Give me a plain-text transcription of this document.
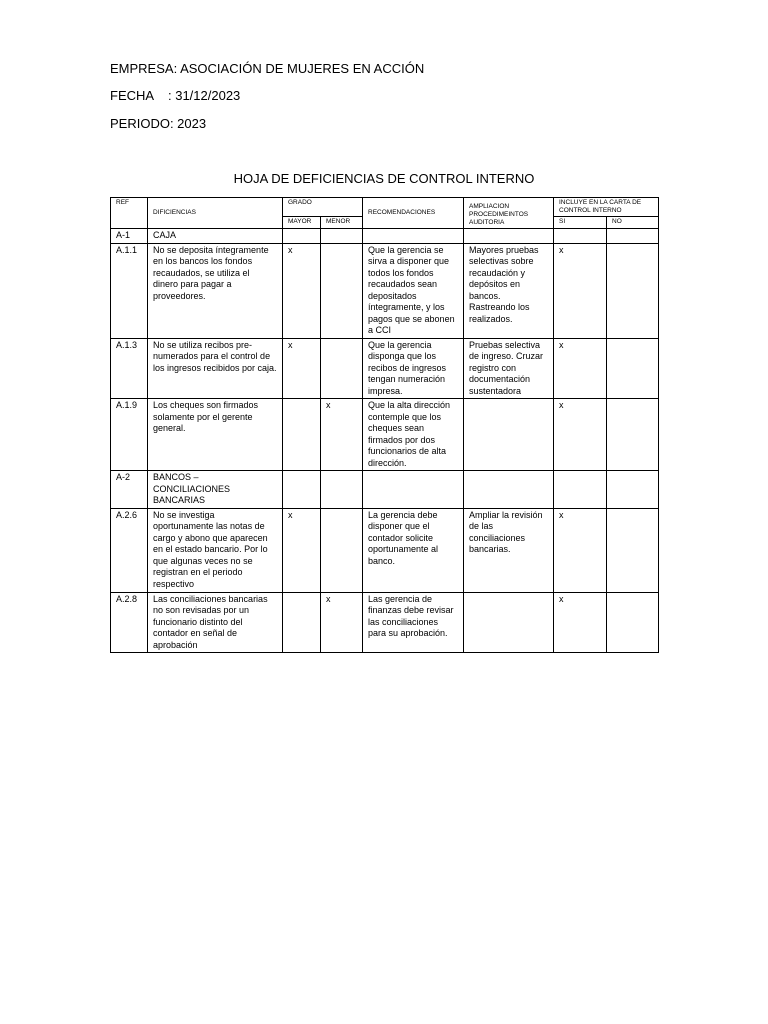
EMPRESA: ASOCIACIÓN DE MUJERES EN ACCIÓN
FECHA : 31/12/2023
PERIODO: 2023
HOJA DE DEFICIENCIAS DE CONTROL INTERNO
REF	DIFICIENCIAS	GRADO		RECOMENDACIONES	AMPLIACION PROCEDIMEINTOS AUDITORIA	INCLUYE EN LA CARTA DE CONTROL INTERNO	
		MAYOR	MENOR			SI	NO
A-1	CAJA						
A.1.1	No se deposita íntegramente en los bancos los fondos recaudados, se utiliza el dinero para pagar a proveedores.	x		Que la gerencia se sirva a disponer que todos los fondos recaudados sean depositados íntegramente, y los pagos que se abonen a CCI	Mayores pruebas selectivas sobre recaudación y depósitos en bancos. Rastreando los realizados.	x	
A.1.3	No se utiliza recibos pre-numerados para el control de los ingresos recibidos por caja.	x		Que la gerencia disponga que los recibos de ingresos tengan numeración impresa.	Pruebas selectiva de ingreso. Cruzar registro con documentación sustentadora	x	
A.1.9	Los cheques son firmados solamente por el gerente general.		x	Que la alta dirección contemple que los cheques sean firmados por dos funcionarios de alta dirección.		x	
A-2	BANCOS – CONCILIACIONES BANCARIAS						
A.2.6	No se investiga oportunamente las notas de cargo y abono que aparecen en el estado bancario. Por lo que algunas veces no se registran en el periodo respectivo	x		La gerencia debe disponer que el contador solicite oportunamente al banco.	Ampliar la revisión de las conciliaciones bancarias.	x	
A.2.8	Las conciliaciones bancarias no son revisadas por un funcionario distinto del contador en señal de aprobación		x	Las gerencia de finanzas debe revisar las conciliaciones para su aprobación.		x	
